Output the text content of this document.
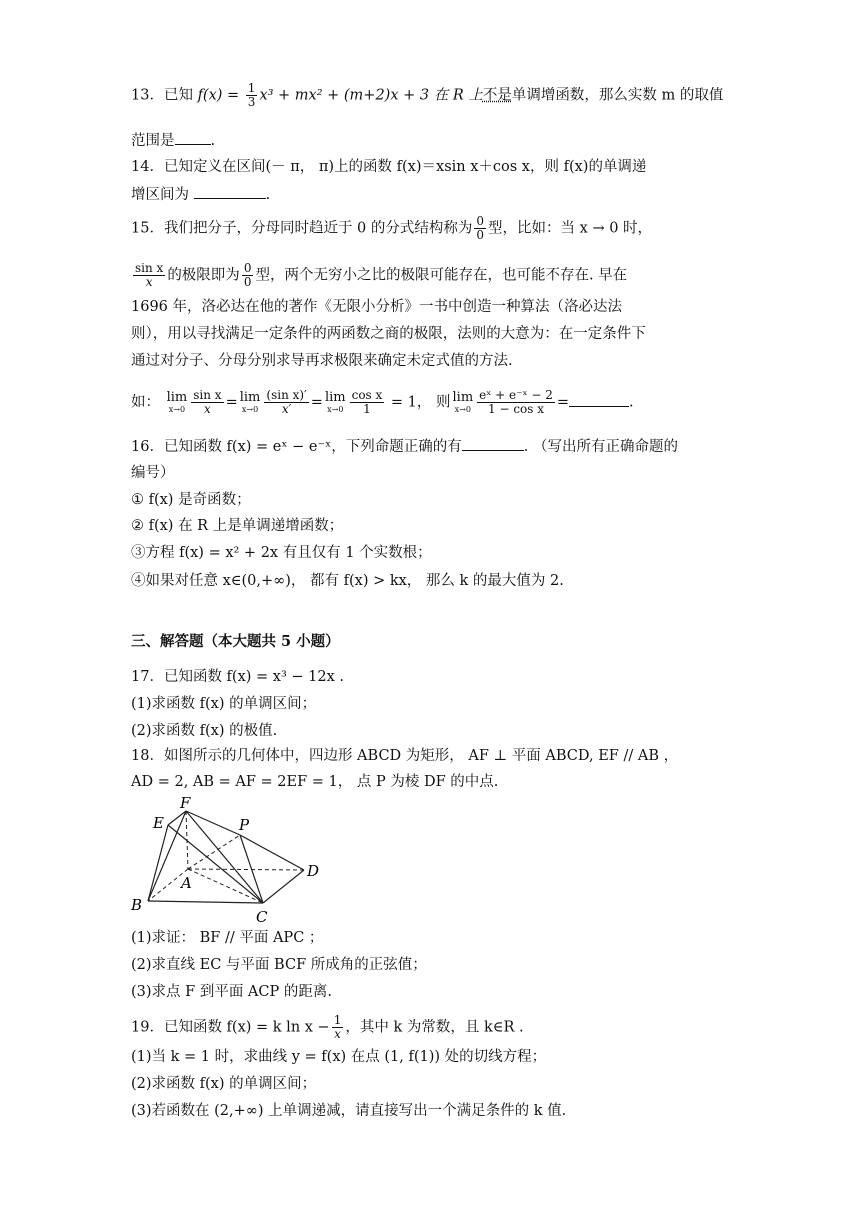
13．已知 $f(x) = \frac{1}{3} x^3 + mx^2 + (m+2)x + 3$ 在 R 上不是单调增函数，那么实数 m 的取值
范围是 .
14．已知定义在区间(－ π， π)上的函数 f(x)＝xsin x＋cos x，则 f(x)的单调递
增区间为	.
15．我们把分子，分母同时趋近于 0 的分式结构称为 $\frac{0}{0}$ 型，比如：当 x → 0 时，
$\frac{\text{sin x}}{x}$ 的极限即为 $\frac{0}{0}$ 型，两个无穷小之比的极限可能存在，也可能不存在. 早在
1696 年，洛必达在他的著作《无限小分析》一书中创造一种算法（洛必达法
则），用以寻找满足一定条件的两函数之商的极限，法则的大意为：在一定条件下
通过对分子、分母分别求导再求极限来确定未定式值的方法.
如： lim
$x\to 0 \frac{\text{sin x}}{x} = \lim$
$x\to 0 \frac{\text{(sin x)′}}{x'} = \lim$
$x\to 0 \frac{\text{cos x}}{1} = 1$， 则 lim
$x\to 0 \frac{\text{eˣ + e⁻ˣ − 2}}{\text{1 − cos x}}$ =	.
16．已知函数 f(x) = eˣ − e⁻ˣ，下列命题正确的有	. （写出所有正确命题的
编号）
① f(x) 是奇函数；
② f(x) 在 R 上是单调递增函数；
③方程 f(x) = x² + 2x 有且仅有 1 个实数根；
④如果对任意 x∈(0,+∞)， 都有 f(x) > kx， 那么 k 的最大值为 2.
三、解答题（本大题共 5 小题）
17．已知函数 f(x) = x³ − 12x .
(1)求函数 f(x) 的单调区间；
(2)求函数 f(x) 的极值.
18．如图所示的几何体中，四边形 ABCD 为矩形， AF ⊥ 平面 ABCD, EF // AB ，
AD = 2, AB = AF = 2EF = 1， 点 P 为棱 DF 的中点.
F
E	P
A
D
B
C
(1)求证： BF // 平面 APC ；
(2)求直线 EC 与平面 BCF 所成角的正弦值；
(3)求点 F 到平面 ACP 的距离.
19．已知函数 f(x) = k $\ln x - \frac{1}{x}$ ，其中 k 为常数，且 k∈R .
(1)当 k = 1 时，求曲线 y = f(x) 在点 (1, f(1)) 处的切线方程；
(2)求函数 f(x) 的单调区间；
(3)若函数在 (2,+∞) 上单调递减，请直接写出一个满足条件的 k 值.
